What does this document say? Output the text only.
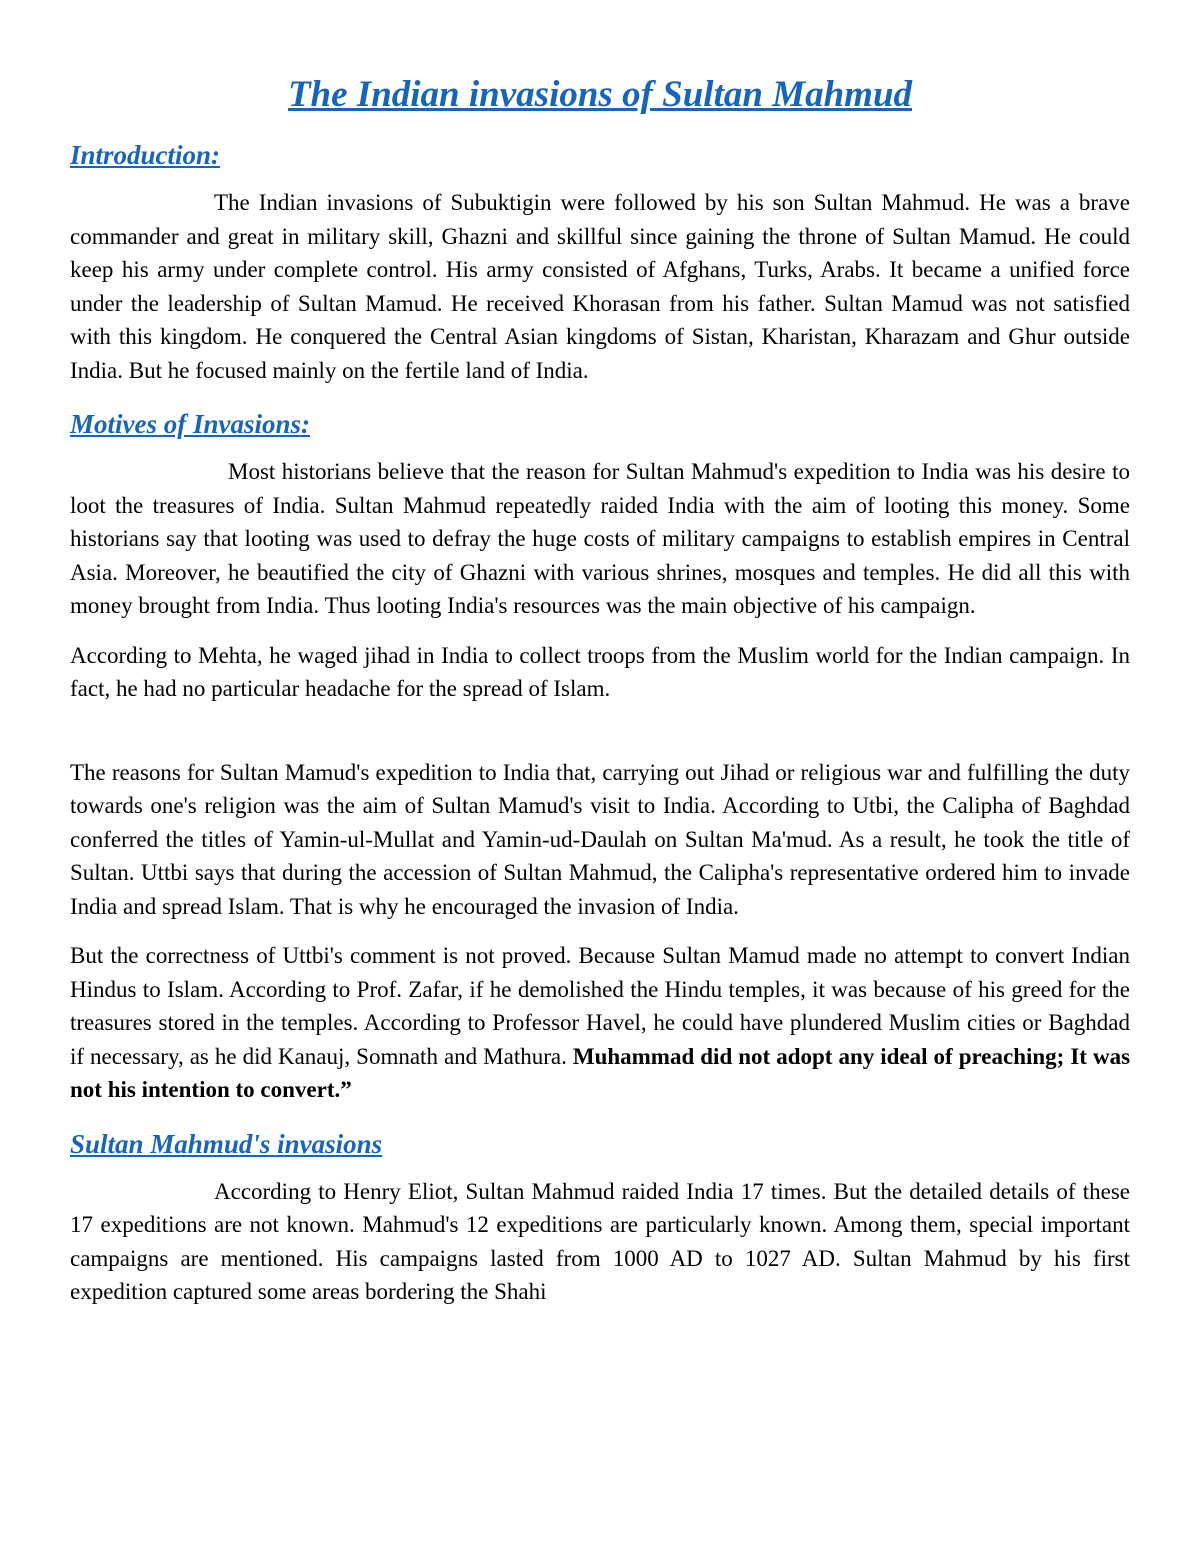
The Indian invasions of Sultan Mahmud
Introduction:

The Indian invasions of Subuktigin were followed by his son Sultan Mahmud. He was a brave commander and great in military skill, Ghazni and skillful since gaining the throne of Sultan Mamud. He could keep his army under complete control. His army consisted of Afghans, Turks, Arabs. It became a unified force under the leadership of Sultan Mamud. He received Khorasan from his father. Sultan Mamud was not satisfied with this kingdom. He conquered the Central Asian kingdoms of Sistan, Kharistan, Kharazam and Ghur outside India. But he focused mainly on the fertile land of India.

Motives of Invasions:

Most historians believe that the reason for Sultan Mahmud's expedition to India was his desire to loot the treasures of India. Sultan Mahmud repeatedly raided India with the aim of looting this money. Some historians say that looting was used to defray the huge costs of military campaigns to establish empires in Central Asia. Moreover, he beautified the city of Ghazni with various shrines, mosques and temples. He did all this with money brought from India. Thus looting India's resources was the main objective of his campaign.

According to Mehta, he waged jihad in India to collect troops from the Muslim world for the Indian campaign. In fact, he had no particular headache for the spread of Islam.

The reasons for Sultan Mamud's expedition to India that, carrying out Jihad or religious war and fulfilling the duty towards one's religion was the aim of Sultan Mamud's visit to India. According to Utbi, the Calipha of Baghdad conferred the titles of Yamin-ul-Mullat and Yamin-ud-Daulah on Sultan Ma'mud. As a result, he took the title of Sultan. Uttbi says that during the accession of Sultan Mahmud, the Calipha's representative ordered him to invade India and spread Islam. That is why he encouraged the invasion of India.

But the correctness of Uttbi's comment is not proved. Because Sultan Mamud made no attempt to convert Indian Hindus to Islam. According to Prof. Zafar, if he demolished the Hindu temples, it was because of his greed for the treasures stored in the temples. According to Professor Havel, he could have plundered Muslim cities or Baghdad if necessary, as he did Kanauj, Somnath and Mathura. Muhammad did not adopt any ideal of preaching; It was not his intention to convert.”

Sultan Mahmud's invasions

According to Henry Eliot, Sultan Mahmud raided India 17 times. But the detailed details of these 17 expeditions are not known. Mahmud's 12 expeditions are particularly known. Among them, special important campaigns are mentioned. His campaigns lasted from 1000 AD to 1027 AD. Sultan Mahmud by his first expedition captured some areas bordering the Shahi
